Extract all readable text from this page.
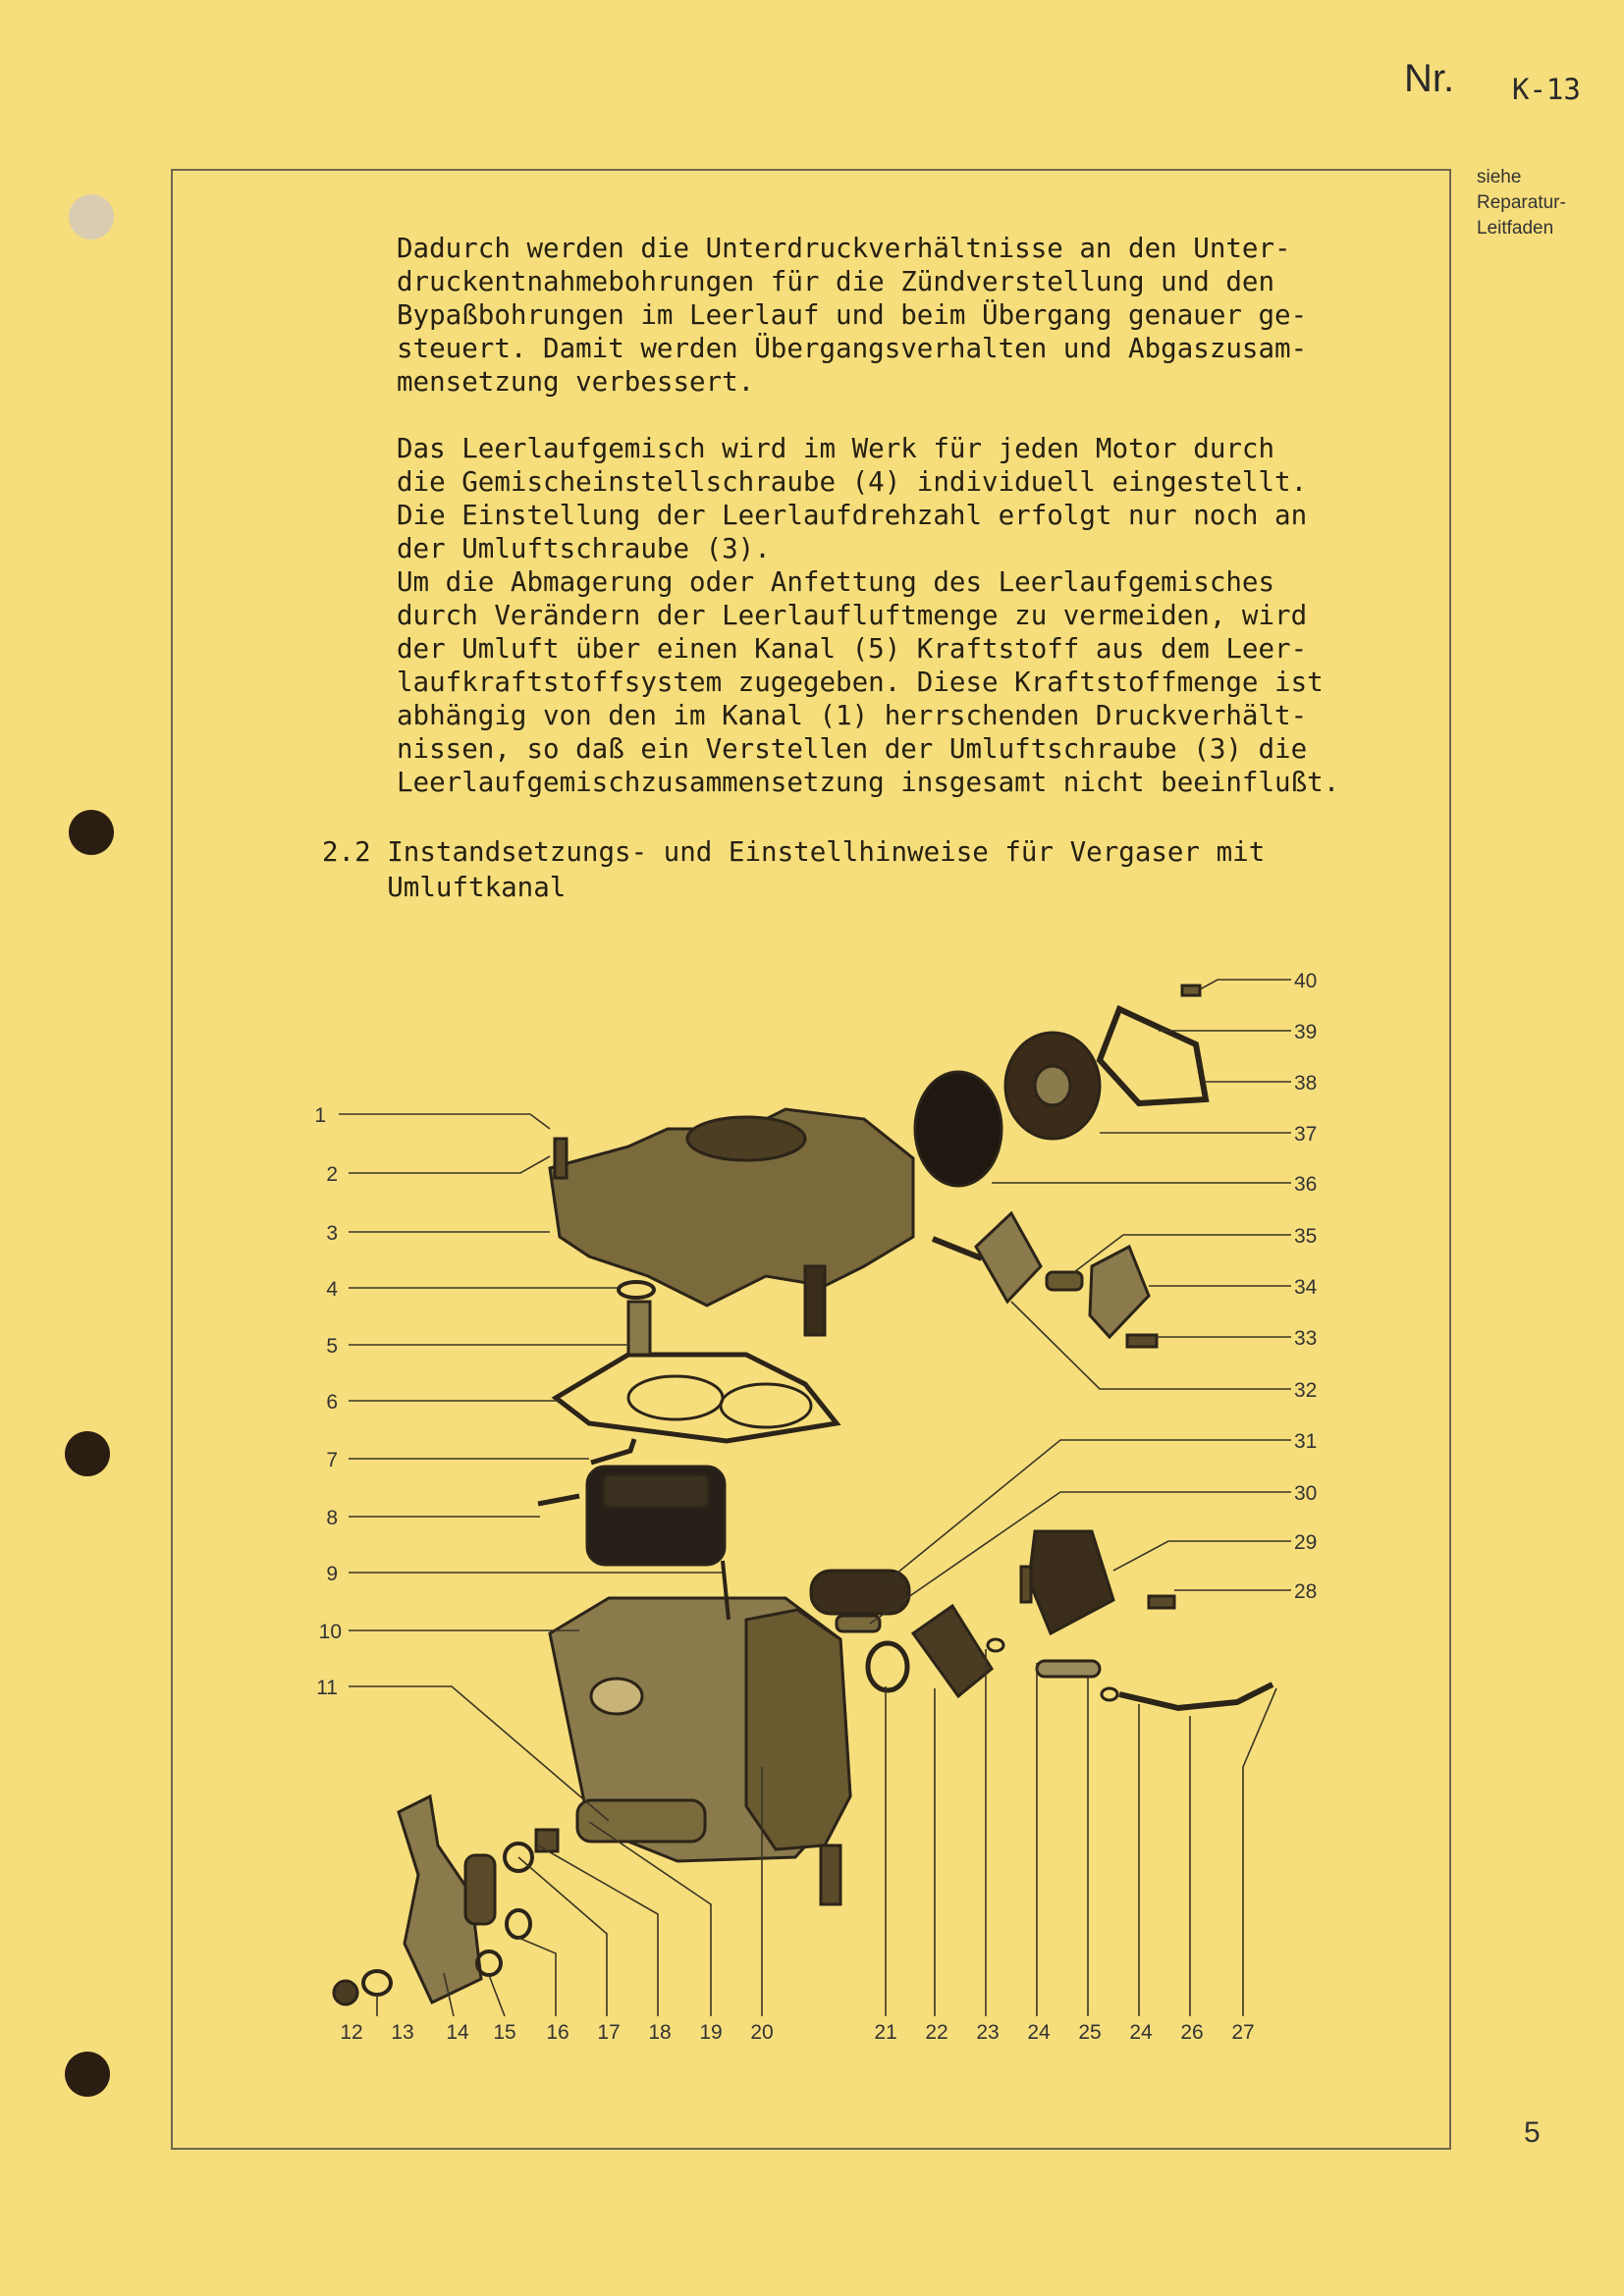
Nr. K-13
siehe
Reparatur-
Leitfaden
Dadurch werden die Unterdruckverhältnisse an den Unter-
druckentnahmebohrungen für die Zündverstellung und den
Bypaßbohrungen im Leerlauf und beim Übergang genauer ge-
steuert. Damit werden Übergangsverhalten und Abgaszusam-
mensetzung verbessert.
Das Leerlaufgemisch wird im Werk für jeden Motor durch
die Gemischeinstellschraube (4) individuell eingestellt.
Die Einstellung der Leerlaufdrehzahl erfolgt nur noch an
der Umluftschraube (3).
Um die Abmagerung oder Anfettung des Leerlaufgemisches
durch Verändern der Leerlaufluftmenge zu vermeiden, wird
der Umluft über einen Kanal (5) Kraftstoff aus dem Leer-
laufkraftstoffsystem zugegeben. Diese Kraftstoffmenge ist
abhängig von den im Kanal (1) herrschenden Druckverhält-
nissen, so daß ein Verstellen der Umluftschraube (3) die
Leerlaufgemischzusammensetzung insgesamt nicht beeinflußt.
2.2 Instandsetzungs- und Einstellhinweise für Vergaser mit
Umluftkanal
1
2
3
4
5
6
7
8
9
10
11
40
39
38
37
36
35
34
33
32
31
30
29
28
12 13 14 15 16 17 18 19 20	21 22 23 24 25 24 26 27
5
